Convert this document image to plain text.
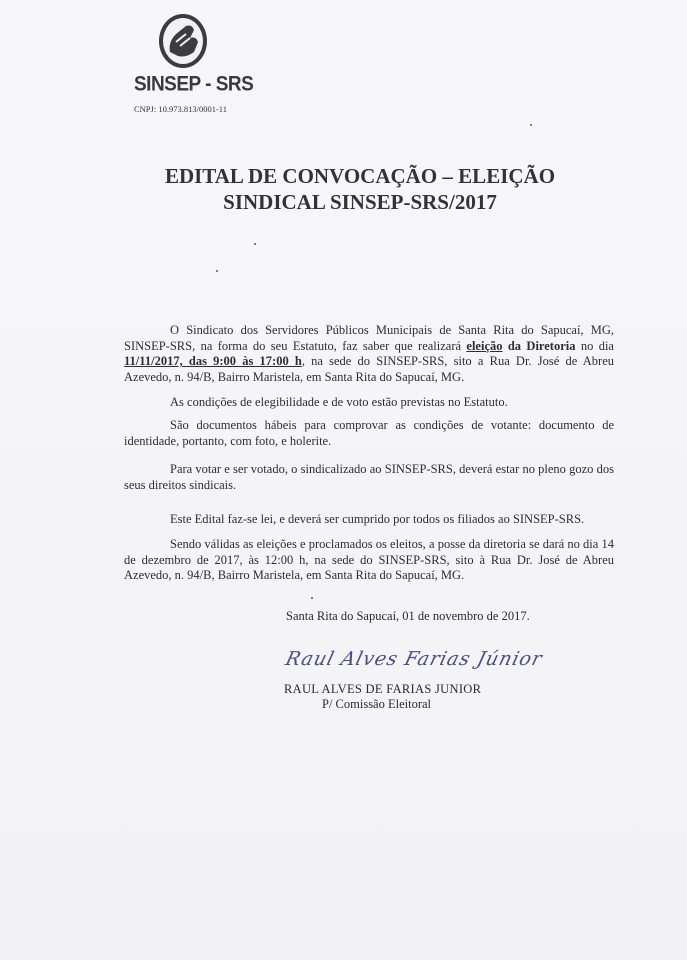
SINSEP - SRS
CNPJ: 10.973.813/0001-11
EDITAL DE CONVOCAÇÃO – ELEIÇÃO
SINDICAL SINSEP-SRS/2017
O Sindicato dos Servidores Públicos Municipais de Santa Rita do Sapucaí, MG, SINSEP-SRS, na forma do seu Estatuto, faz saber que realizará eleição da Diretoria no dia 11/11/2017, das 9:00 às 17:00 h, na sede do SINSEP-SRS, sito a Rua Dr. José de Abreu Azevedo, n. 94/B, Bairro Maristela, em Santa Rita do Sapucaí, MG.
As condições de elegibilidade e de voto estão previstas no Estatuto.
São documentos hábeis para comprovar as condições de votante: documento de identidade, portanto, com foto, e holerite.
Para votar e ser votado, o sindicalizado ao SINSEP-SRS, deverá estar no pleno gozo dos seus direitos sindicais.
Este Edital faz-se lei, e deverá ser cumprido por todos os filiados ao SINSEP-SRS.
Sendo válidas as eleições e proclamados os eleitos, a posse da diretoria se dará no dia 14 de dezembro de 2017, às 12:00 h, na sede do SINSEP-SRS, sito à Rua Dr. José de Abreu Azevedo, n. 94/B, Bairro Maristela, em Santa Rita do Sapucaí, MG.
Santa Rita do Sapucaí, 01 de novembro de 2017.
Raul Alves Farias Júnior
RAUL ALVES DE FARIAS JUNIOR
P/ Comissão Eleitoral
